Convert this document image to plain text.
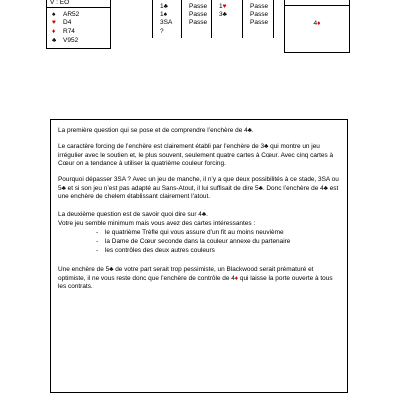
V : EO
♠ AR52
♥ D4
♦ R74
♣ V952
1♣
1♠
3SA
?
Passe
Passe
Passe
1♥
3♣
Passe
Passe
Passe	4♦

La première question qui se pose et de comprendre l’enchère de 4♣.

Le caractère forcing de l’enchère est clairement établi par l’enchère de 3♣ qui montre un jeu irrégulier avec le soutien et, le plus souvent, seulement quatre cartes à Cœur. Avec cinq cartes à Cœur on a tendance à utiliser la quatrième couleur forcing.

Pourquoi dépasser 3SA ? Avec un jeu de manche, il n’y a que deux possibilités à ce stade, 3SA ou 5♣ et si son jeu n’est pas adapté au Sans-Atout, il lui suffisait de dire 5♣. Donc l’enchère de 4♣ est une enchère de chelem établissant clairement l’atout.

La deuxième question est de savoir quoi dire sur 4♣.

Votre jeu semble minimum mais vous avez des cartes intéressantes :

- le quatrième Trèfle qui vous assure d’un fit au moins neuvième

- la Dame de Cœur seconde dans la couleur annexe du partenaire

- les contrôles des deux autres couleurs

Une enchère de 5♣ de votre part serait trop pessimiste, un Blackwood serait prématuré et optimiste, il ne vous reste donc que l’enchère de contrôle de 4♦ qui laisse la porte ouverte à tous les contrats.
